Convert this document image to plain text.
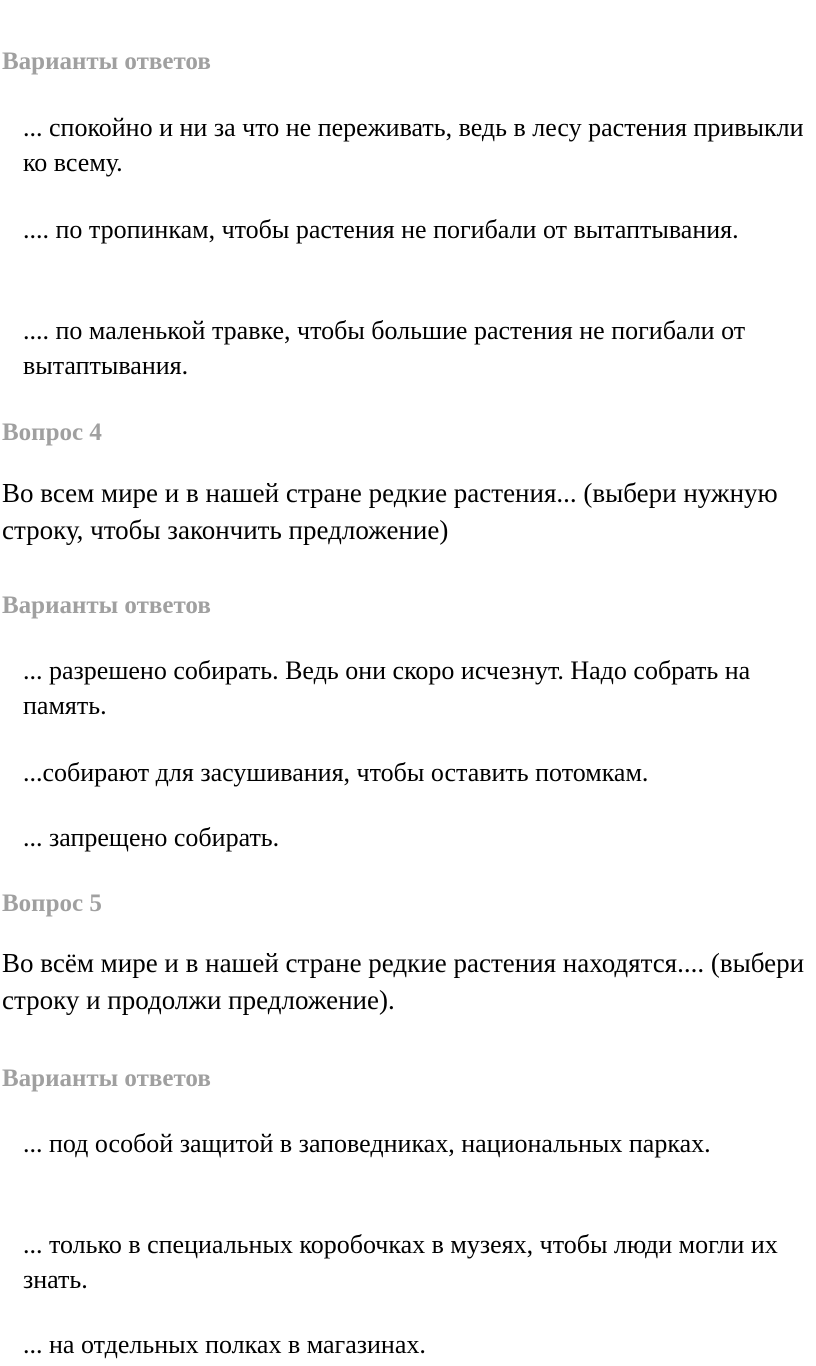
Варианты ответов
... спокойно и ни за что не переживать, ведь в лесу растения привыкли ко всему.
.... по тропинкам, чтобы растения не погибали от вытаптывания.
.... по маленькой травке, чтобы большие растения не погибали от вытаптывания.
Вопрос 4
Во всем мире и в нашей стране редкие растения... (выбери нужную строку, чтобы закончить предложение)
Варианты ответов
... разрешено собирать. Ведь они скоро исчезнут. Надо собрать на память.
...собирают для засушивания, чтобы оставить потомкам.
... запрещено собирать.
Вопрос 5
Во всём мире и в нашей стране редкие растения находятся.... (выбери строку и продолжи предложение).
Варианты ответов
... под особой защитой в заповедниках, национальных парках.
... только в специальных коробочках в музеях, чтобы люди могли их знать.
... на отдельных полках в магазинах.
